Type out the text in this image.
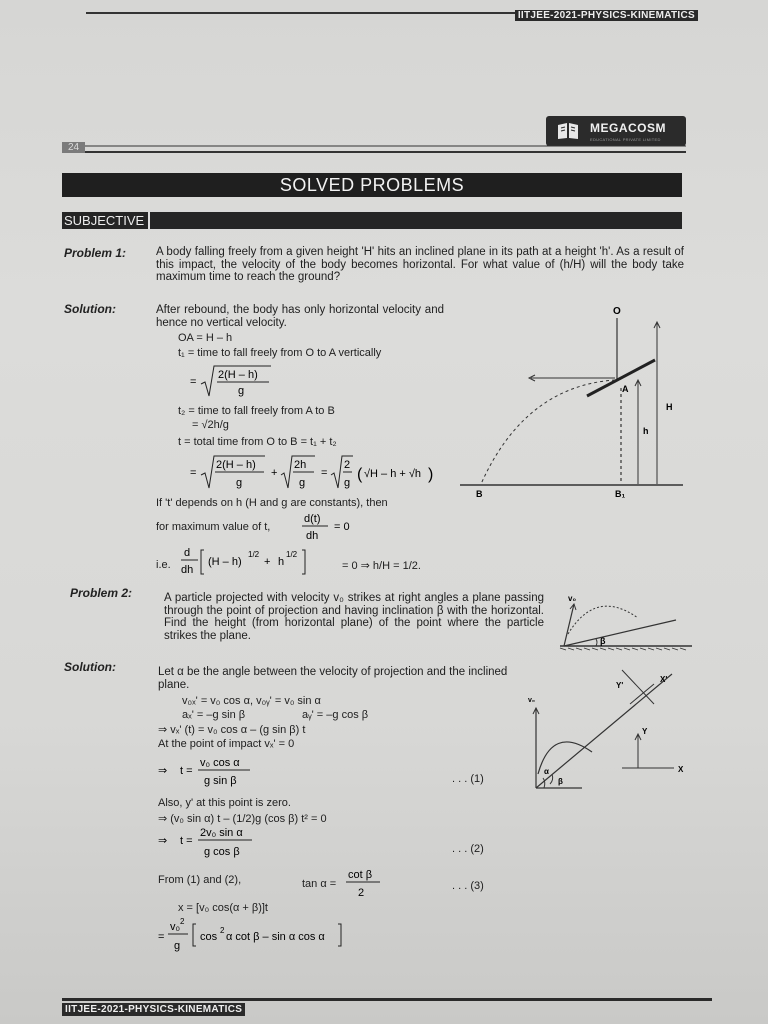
IITJEE-2021-PHYSICS-KINEMATICS
MEGACOSM
EDUCATIONAL PRIVATE LIMITED
24
SOLVED PROBLEMS
SUBJECTIVE
Problem 1:	A body falling freely from a given height 'H' hits an inclined plane in its path at a height 'h'. As a result of this impact, the velocity of the body becomes horizontal. For what value of (h/H) will the body take maximum time to reach the ground?
Solution:	After rebound, the body has only horizontal velocity and hence no vertical velocity.
OA = H – h
t₁ = time to fall freely from O to A vertically
=
2(H – h)
g
t₂ = time to fall freely from A to B
= √2h/g
t = total time from O to B = t₁ + t₂
=
2(H – h)
g
+
2h
g
=
2
g ( √H – h + √h )
If 't' depends on h (H and g are constants), then
for maximum value of t,
d(t)
dh
= 0
i.e.
d
dh
(H – h)
1/2
+ h
1/2
= 0 ⇒ h/H = 1/2.
O
A
H
h
B	B₁
Problem 2:	A particle projected with velocity v₀ strikes at right angles a plane passing through the point of projection and having inclination β with the horizontal. Find the height (from horizontal plane) of the point where the particle strikes the plane.
v₀
β
Solution:	Let α be the angle between the velocity of projection and the inclined plane.
v₀ₓ' = v₀ cos α, v₀ᵧ' = v₀ sin α
aₓ' = –g sin β	aᵧ' = –g cos β
⇒ vₓ' (t) = v₀ cos α – (g sin β) t
At the point of impact vₓ' = 0
⇒ t =
v₀ cos α
g sin β	. . . (1)
Also, y' at this point is zero.
⇒ (v₀ sin α) t – (1/2)g (cos β) t² = 0
⇒ t =
2v₀ sin α
g cos β	. . . (2)
From (1) and (2),	tan α =
cot β
2
. . . (3)
x = [v₀ cos(α + β)]t
=
v₀ 2
g
cos
2
α cot β – sin α cos α
v₀
α
β
X
Y
X'
Y'
IITJEE-2021-PHYSICS-KINEMATICS
